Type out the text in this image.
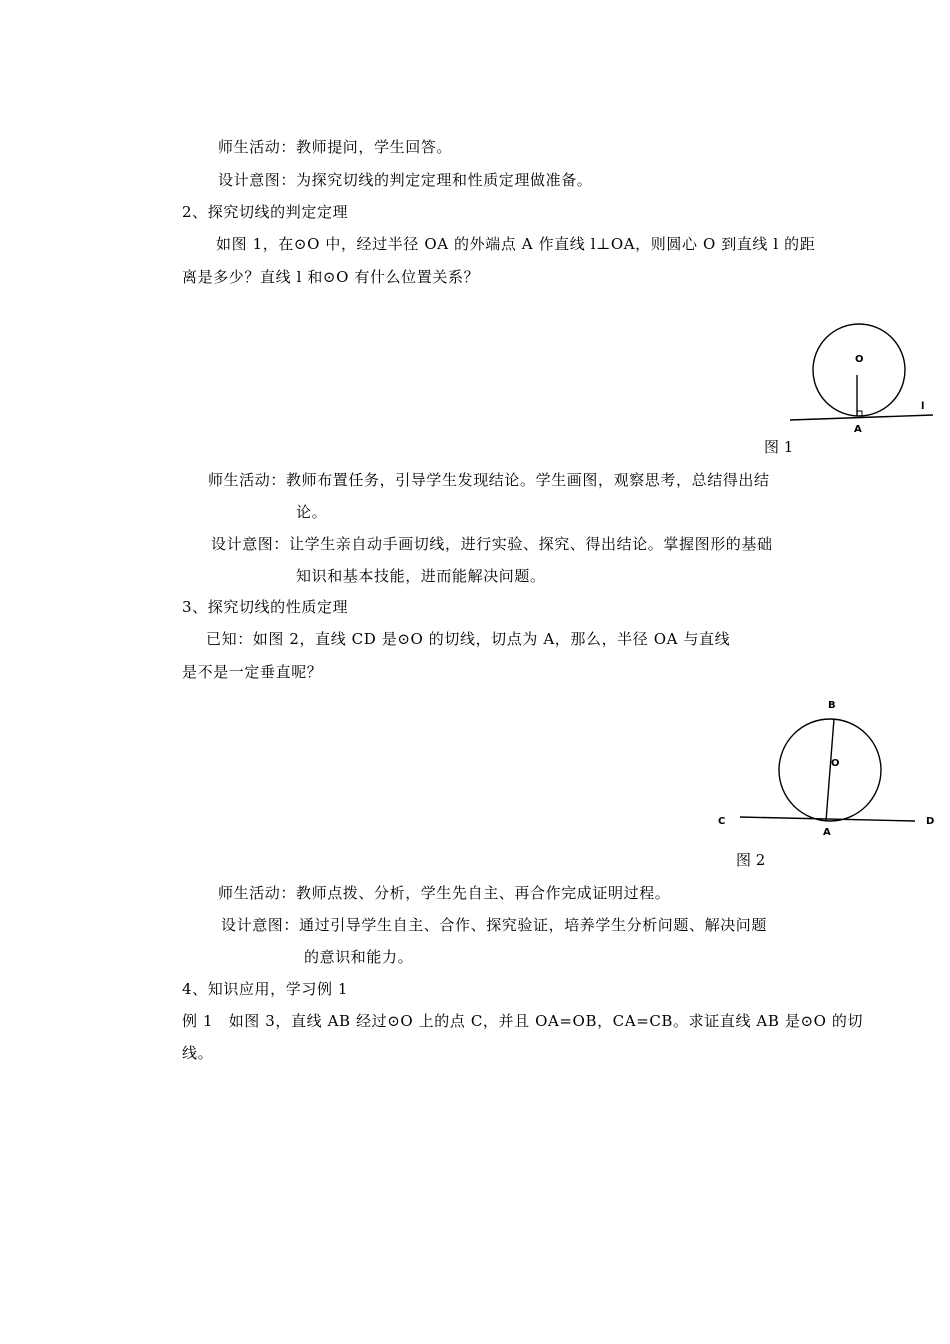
师生活动：教师提问，学生回答。
设计意图：为探究切线的判定定理和性质定理做准备。
2、探究切线的判定定理
如图 1，在⊙O 中，经过半径 OA 的外端点 A 作直线 l⊥OA，则圆心 O 到直线 l 的距
离是多少？直线 l 和⊙O 有什么位置关系？
O
A
l
图 1
师生活动：教师布置任务，引导学生发现结论。学生画图，观察思考，总结得出结
论。
设计意图：让学生亲自动手画切线，进行实验、探究、得出结论。掌握图形的基础
知识和基本技能，进而能解决问题。
3、探究切线的性质定理
已知：如图 2，直线 CD 是⊙O 的切线，切点为 A，那么，半径 OA 与直线
是不是一定垂直呢？
B
O
C
A
D
图 2
师生活动：教师点拨、分析，学生先自主、再合作完成证明过程。
设计意图：通过引导学生自主、合作、探究验证，培养学生分析问题、解决问题
的意识和能力。
4、知识应用，学习例 1
例 1　如图 3，直线 AB 经过⊙O 上的点 C，并且 OA=OB，CA=CB。求证直线 AB 是⊙O 的切
线。
